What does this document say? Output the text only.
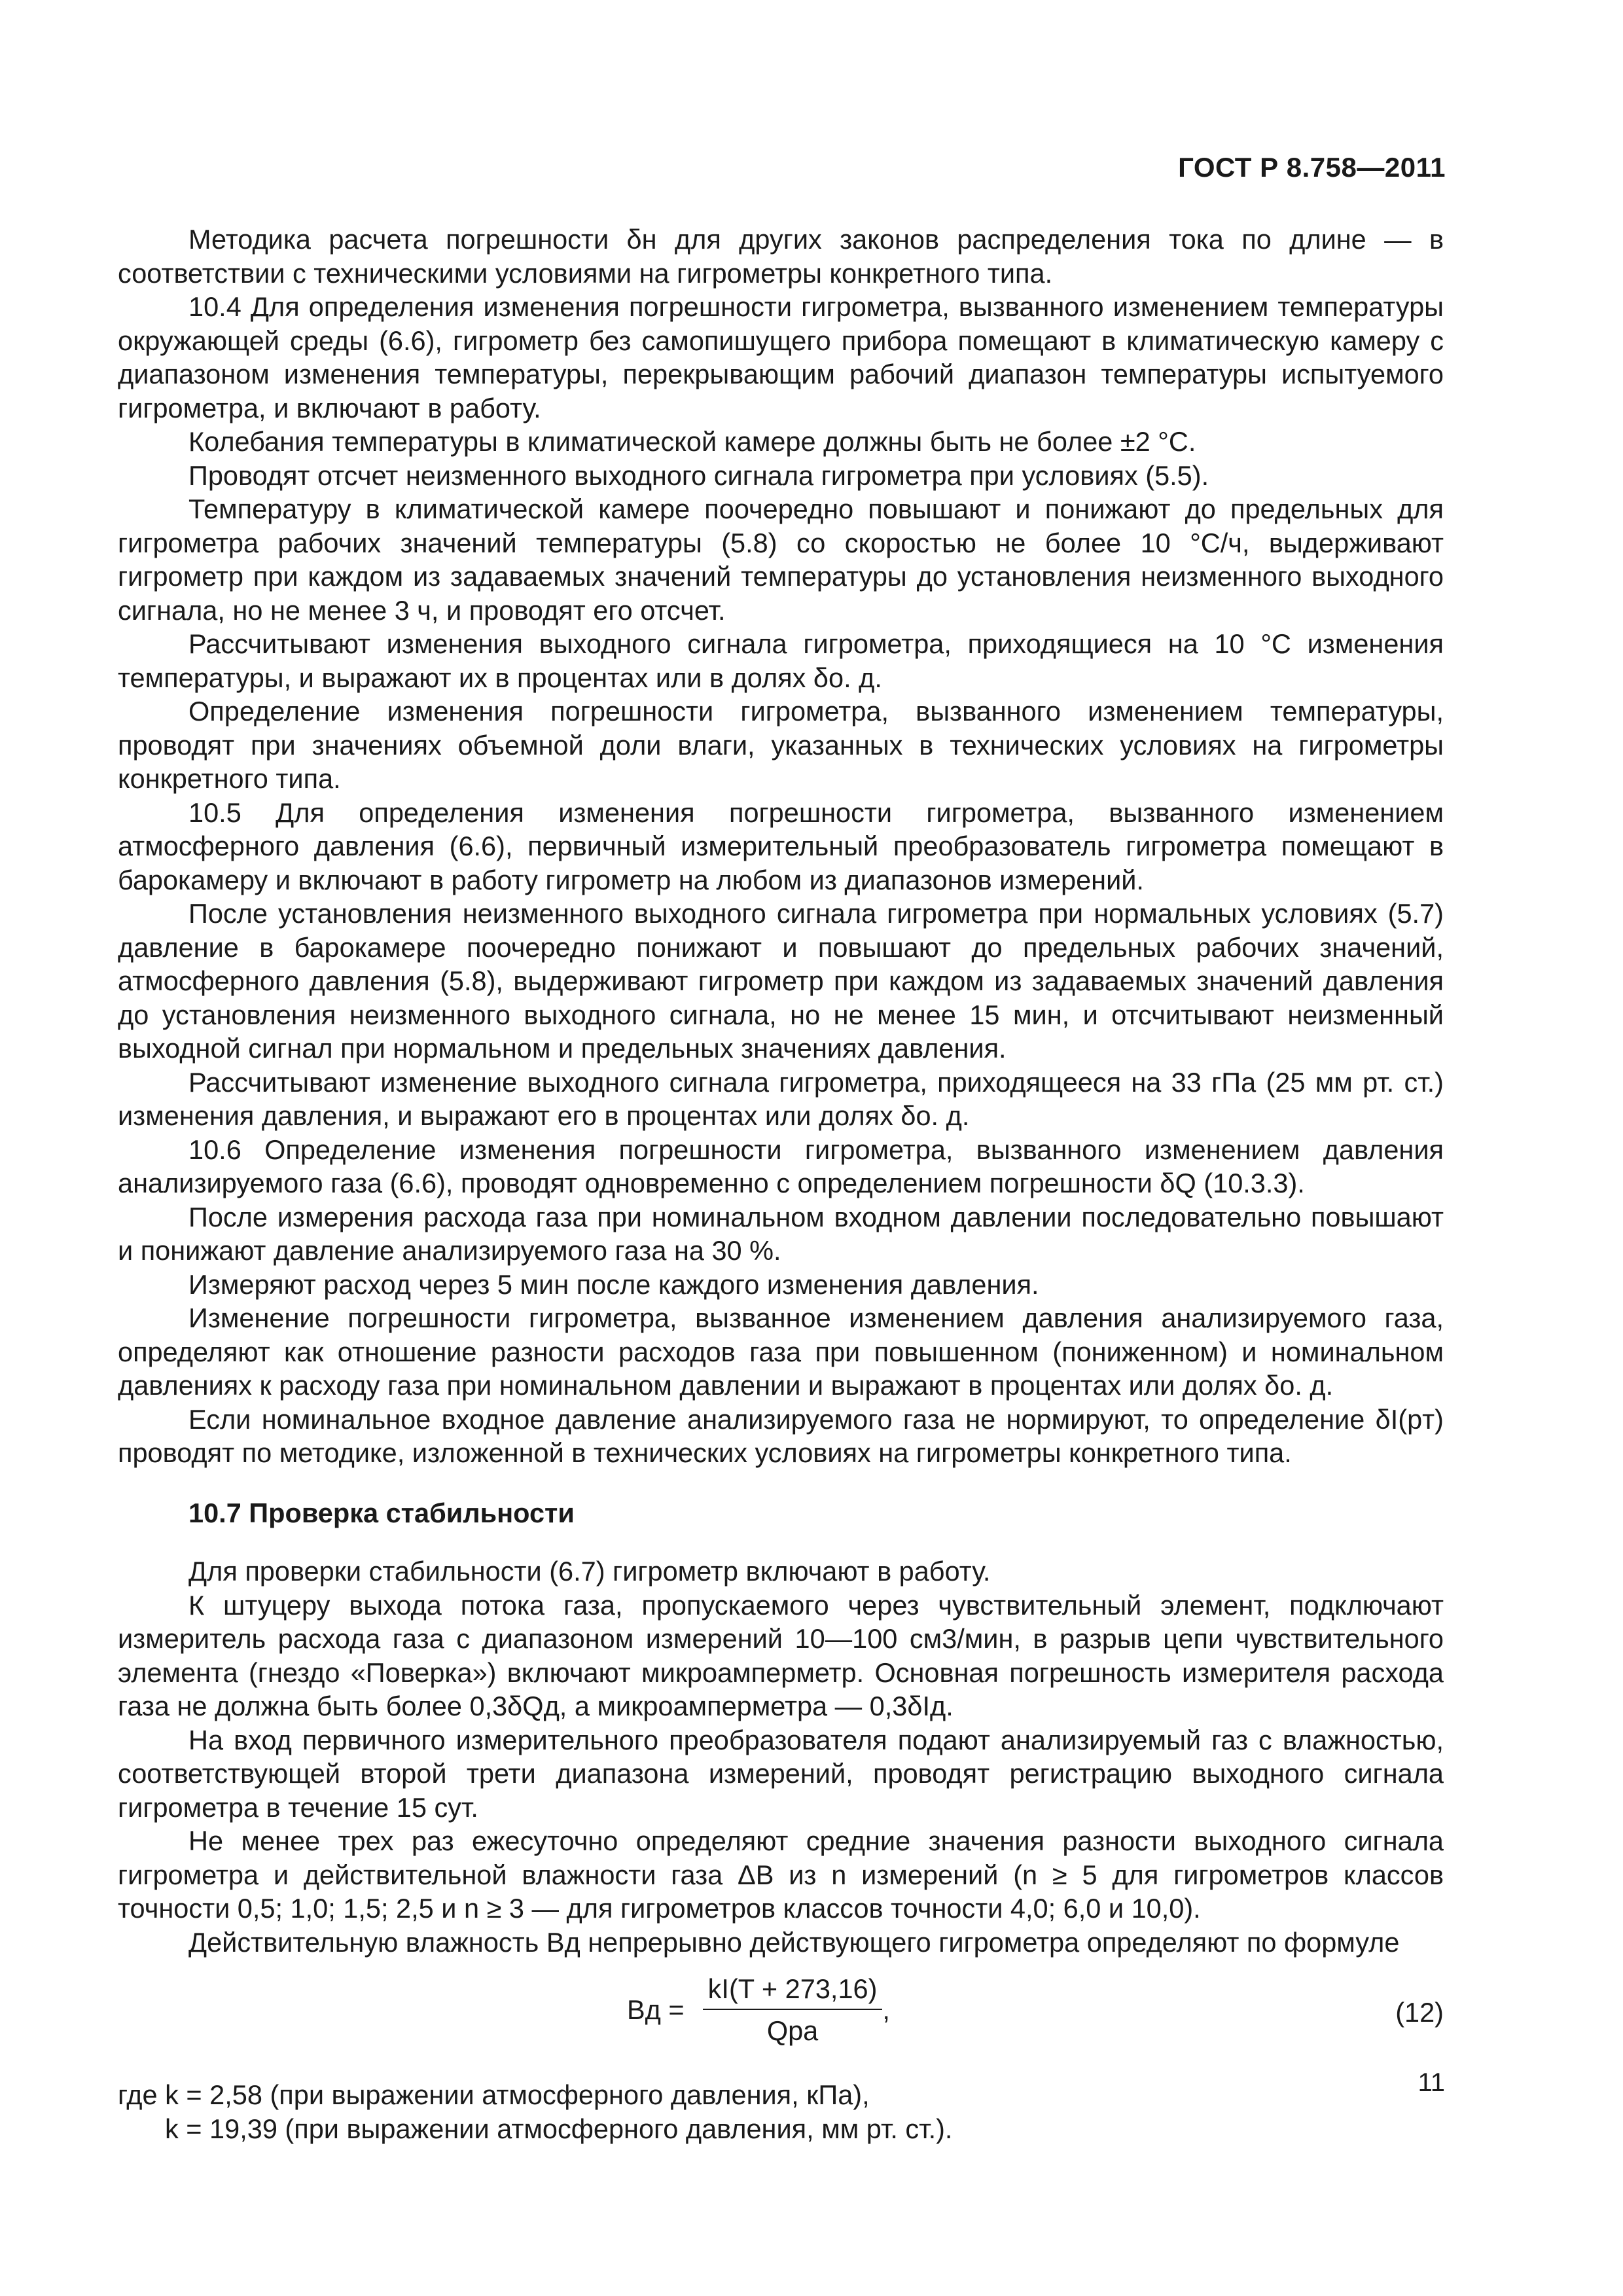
ГОСТ Р 8.758—2011

Методика расчета погрешности δн для других законов распределения тока по длине — в соответствии с техническими условиями на гигрометры конкретного типа.

10.4 Для определения изменения погрешности гигрометра, вызванного изменением температуры окружающей среды (6.6), гигрометр без самопишущего прибора помещают в климатическую камеру с диапазоном изменения температуры, перекрывающим рабочий диапазон температуры испытуемого гигрометра, и включают в работу.

Колебания температуры в климатической камере должны быть не более ±2 °С.

Проводят отсчет неизменного выходного сигнала гигрометра при условиях (5.5).

Температуру в климатической камере поочередно повышают и понижают до предельных для гигрометра рабочих значений температуры (5.8) со скоростью не более 10 °С/ч, выдерживают гигрометр при каждом из задаваемых значений температуры до установления неизменного выходного сигнала, но не менее 3 ч, и проводят его отсчет.

Рассчитывают изменения выходного сигнала гигрометра, приходящиеся на 10 °С изменения температуры, и выражают их в процентах или в долях δо. д.

Определение изменения погрешности гигрометра, вызванного изменением температуры, проводят при значениях объемной доли влаги, указанных в технических условиях на гигрометры конкретного типа.

10.5 Для определения изменения погрешности гигрометра, вызванного изменением атмосферного давления (6.6), первичный измерительный преобразователь гигрометра помещают в барокамеру и включают в работу гигрометр на любом из диапазонов измерений.

После установления неизменного выходного сигнала гигрометра при нормальных условиях (5.7) давление в барокамере поочередно понижают и повышают до предельных рабочих значений, атмосферного давления (5.8), выдерживают гигрометр при каждом из задаваемых значений давления до установления неизменного выходного сигнала, но не менее 15 мин, и отсчитывают неизменный выходной сигнал при нормальном и предельных значениях давления.

Рассчитывают изменение выходного сигнала гигрометра, приходящееся на 33 гПа (25 мм рт. ст.) изменения давления, и выражают его в процентах или долях δо. д.

10.6 Определение изменения погрешности гигрометра, вызванного изменением давления анализируемого газа (6.6), проводят одновременно с определением погрешности δQ (10.3.3).

После измерения расхода газа при номинальном входном давлении последовательно повышают и понижают давление анализируемого газа на 30 %.

Измеряют расход через 5 мин после каждого изменения давления.

Изменение погрешности гигрометра, вызванное изменением давления анализируемого газа, определяют как отношение разности расходов газа при повышенном (пониженном) и номинальном давлениях к расходу газа при номинальном давлении и выражают в процентах или долях δо. д.

Если номинальное входное давление анализируемого газа не нормируют, то определение δI(pт) проводят по методике, изложенной в технических условиях на гигрометры конкретного типа.

10.7 Проверка стабильности

Для проверки стабильности (6.7) гигрометр включают в работу.

К штуцеру выхода потока газа, пропускаемого через чувствительный элемент, подключают измеритель расхода газа с диапазоном измерений 10—100 см3/мин, в разрыв цепи чувствительного элемента (гнездо «Поверка») включают микроамперметр. Основная погрешность измерителя расхода газа не должна быть более 0,3δQд, а микроамперметра — 0,3δIд.

На вход первичного измерительного преобразователя подают анализируемый газ с влажностью, соответствующей второй трети диапазона измерений, проводят регистрацию выходного сигнала гигрометра в течение 15 сут.

Не менее трех раз ежесуточно определяют средние значения разности выходного сигнала гигрометра и действительной влажности газа ΔB из n измерений (n ≥ 5 для гигрометров классов точности 0,5; 1,0; 1,5; 2,5 и n ≥ 3 — для гигрометров классов точности 4,0; 6,0 и 10,0).

Действительную влажность Bд непрерывно действующего гигрометра определяют по формуле

Bд = $\frac{kI(T + 273,16)}{\text{Qpa}}$ ,	(12)

где k = 2,58 (при выражении атмосферного давления, кПа),

k = 19,39 (при выражении атмосферного давления, мм рт. ст.).

11
